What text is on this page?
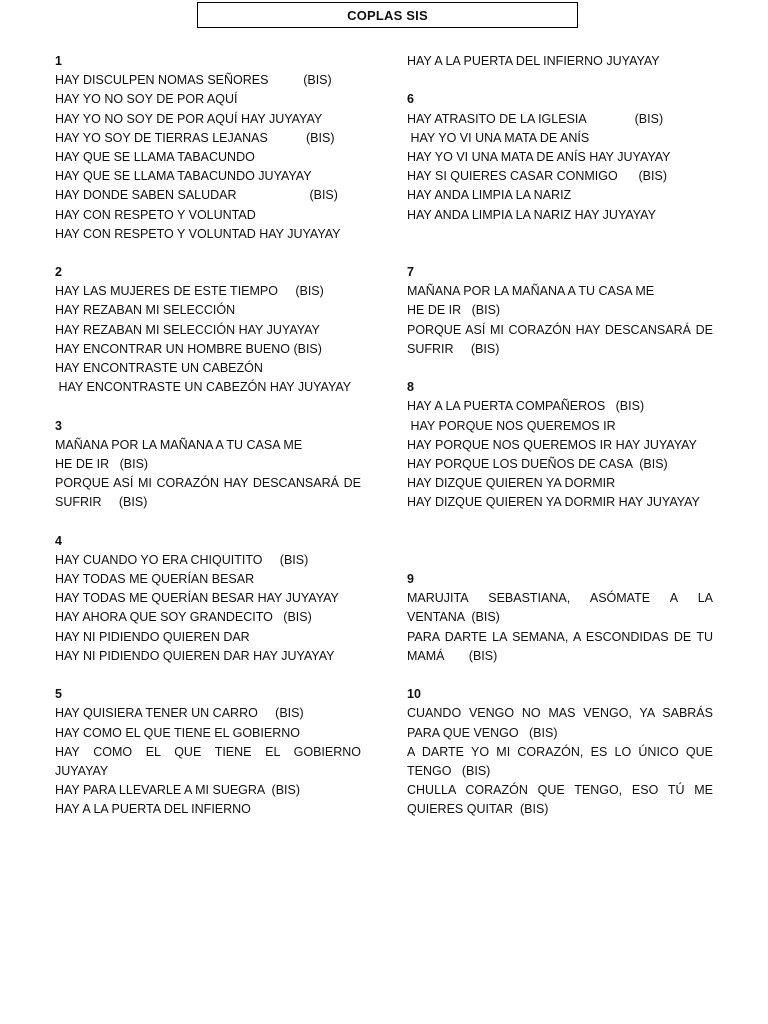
COPLAS SIS
1
HAY DISCULPEN NOMAS SEÑORES          (BIS)
HAY YO NO SOY DE POR AQUÍ
HAY YO NO SOY DE POR AQUÍ HAY JUYAYAY
HAY YO SOY DE TIERRAS LEJANAS           (BIS)
HAY QUE SE LLAMA TABACUNDO
HAY QUE SE LLAMA TABACUNDO JUYAYAY
HAY DONDE SABEN SALUDAR                     (BIS)
HAY CON RESPETO Y VOLUNTAD
HAY CON RESPETO Y VOLUNTAD HAY JUYAYAY
2
HAY LAS MUJERES DE ESTE TIEMPO     (BIS)
HAY REZABAN MI SELECCIÓN
HAY REZABAN MI SELECCIÓN HAY JUYAYAY
HAY ENCONTRAR UN HOMBRE BUENO (BIS)
HAY ENCONTRASTE UN CABEZÓN
HAY ENCONTRASTE UN CABEZÓN HAY JUYAYAY
3
MAÑANA POR LA MAÑANA A TU CASA ME
HE DE IR   (BIS)
PORQUE ASÍ MI CORAZÓN HAY DESCANSARÁ DE
SUFRIR     (BIS)
4
HAY CUANDO YO ERA CHIQUITITO     (BIS)
HAY TODAS ME QUERÍAN BESAR
HAY TODAS ME QUERÍAN BESAR HAY JUYAYAY
HAY AHORA QUE SOY GRANDECITO   (BIS)
HAY NI PIDIENDO QUIEREN DAR
HAY NI PIDIENDO QUIEREN DAR HAY JUYAYAY
5
HAY QUISIERA TENER UN CARRO     (BIS)
HAY COMO EL QUE TIENE EL GOBIERNO
HAY COMO EL QUE TIENE EL GOBIERNO
JUYAYAY
HAY PARA LLEVARLE A MI SUEGRA  (BIS)
HAY A LA PUERTA DEL INFIERNO
HAY A LA PUERTA DEL INFIERNO JUYAYAY
6
HAY ATRASITO DE LA IGLESIA              (BIS)
HAY YO VI UNA MATA DE ANÍS
HAY YO VI UNA MATA DE ANÍS HAY JUYAYAY
HAY SI QUIERES CASAR CONMIGO      (BIS)
HAY ANDA LIMPIA LA NARIZ
HAY ANDA LIMPIA LA NARIZ HAY JUYAYAY
7
MAÑANA POR LA MAÑANA A TU CASA ME
HE DE IR   (BIS)
PORQUE ASÍ MI CORAZÓN HAY DESCANSARÁ DE
SUFRIR     (BIS)
8
HAY A LA PUERTA COMPAÑEROS   (BIS)
HAY PORQUE NOS QUEREMOS IR
HAY PORQUE NOS QUEREMOS IR HAY JUYAYAY
HAY PORQUE LOS DUEÑOS DE CASA  (BIS)
HAY DIZQUE QUIEREN YA DORMIR
HAY DIZQUE QUIEREN YA DORMIR HAY JUYAYAY
9
MARUJITA SEBASTIANA, ASÓMATE A LA
VENTANA  (BIS)
PARA DARTE LA SEMANA, A ESCONDIDAS DE TU
MAMÁ       (BIS)
10
CUANDO VENGO NO MAS VENGO, YA SABRÁS
PARA QUE VENGO   (BIS)
A DARTE YO MI CORAZÓN, ES LO ÚNICO QUE
TENGO   (BIS)
CHULLA CORAZÓN QUE TENGO, ESO TÚ ME
QUIERES QUITAR  (BIS)
